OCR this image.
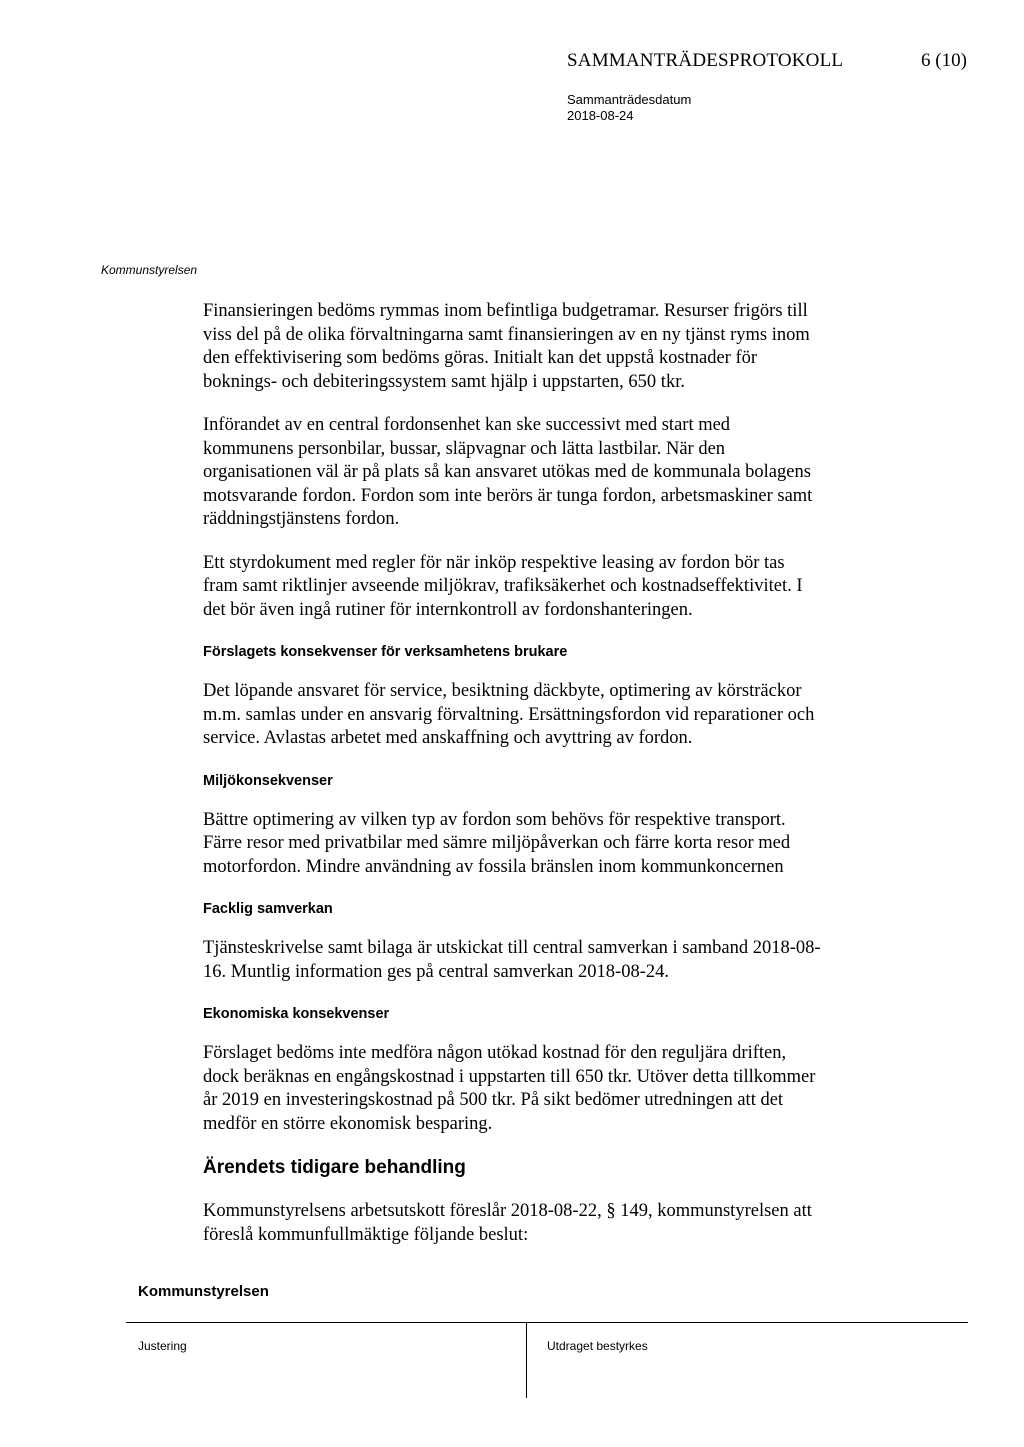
SAMMANTRÄDESPROTOKOLL	6 (10)
Sammanträdesdatum
2018-08-24
Kommunstyrelsen
Finansieringen bedöms rymmas inom befintliga budgetramar. Resurser frigörs till
viss del på de olika förvaltningarna samt finansieringen av en ny tjänst ryms inom
den effektivisering som bedöms göras. Initialt kan det uppstå kostnader för
boknings- och debiteringssystem samt hjälp i uppstarten, 650 tkr.
Införandet av en central fordonsenhet kan ske successivt med start med
kommunens personbilar, bussar, släpvagnar och lätta lastbilar. När den
organisationen väl är på plats så kan ansvaret utökas med de kommunala bolagens
motsvarande fordon. Fordon som inte berörs är tunga fordon, arbetsmaskiner samt
räddningstjänstens fordon.
Ett styrdokument med regler för när inköp respektive leasing av fordon bör tas
fram samt riktlinjer avseende miljökrav, trafiksäkerhet och kostnadseffektivitet. I
det bör även ingå rutiner för internkontroll av fordonshanteringen.
Förslagets konsekvenser för verksamhetens brukare
Det löpande ansvaret för service, besiktning däckbyte, optimering av körsträckor
m.m. samlas under en ansvarig förvaltning. Ersättningsfordon vid reparationer och
service. Avlastas arbetet med anskaffning och avyttring av fordon.
Miljökonsekvenser
Bättre optimering av vilken typ av fordon som behövs för respektive transport.
Färre resor med privatbilar med sämre miljöpåverkan och färre korta resor med
motorfordon. Mindre användning av fossila bränslen inom kommunkoncernen
Facklig samverkan
Tjänsteskrivelse samt bilaga är utskickat till central samverkan i samband 2018-08-
16. Muntlig information ges på central samverkan 2018-08-24.
Ekonomiska konsekvenser
Förslaget bedöms inte medföra någon utökad kostnad för den reguljära driften,
dock beräknas en engångskostnad i uppstarten till 650 tkr. Utöver detta tillkommer
år 2019 en investeringskostnad på 500 tkr. På sikt bedömer utredningen att det
medför en större ekonomisk besparing.
Ärendets tidigare behandling
Kommunstyrelsens arbetsutskott föreslår 2018-08-22, § 149, kommunstyrelsen att
föreslå kommunfullmäktige följande beslut:
Kommunstyrelsen
Justering	Utdraget bestyrkes
